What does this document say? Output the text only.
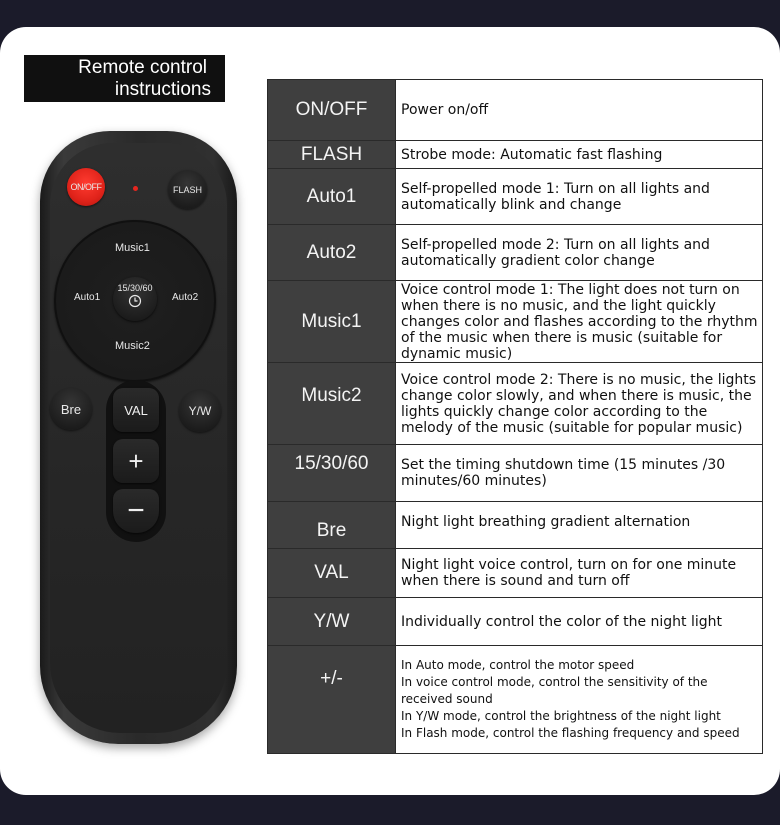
Remote control
instructions
ON/OFF	FLASH
Music1
Music2
Auto1	Auto2
15/30/60
Bre	Y/W
VAL
+
−
ON/OFF	Power on/off
FLASH	Strobe mode: Automatic fast flashing
Auto1	Self-propelled mode 1: Turn on all lights and automatically blink and change
Auto2	Self-propelled mode 2: Turn on all lights and automatically gradient color change
Music1	Voice control mode 1: The light does not turn on when there is no music, and the light quickly changes color and flashes according to the rhythm of the music when there is music (suitable for dynamic music)
Music2	Voice control mode 2: There is no music, the lights change color slowly, and when there is music, the lights quickly change color according to the melody of the music (suitable for popular music)
15/30/60	Set the timing shutdown time (15 minutes /30 minutes/60 minutes)
Bre	Night light breathing gradient alternation
VAL	Night light voice control, turn on for one minute when there is sound and turn off
Y/W	Individually control the color of the night light
+/-	In Auto mode, control the motor speed
In voice control mode, control the sensitivity of the received sound
In Y/W mode, control the brightness of the night light
In Flash mode, control the flashing frequency and speed
